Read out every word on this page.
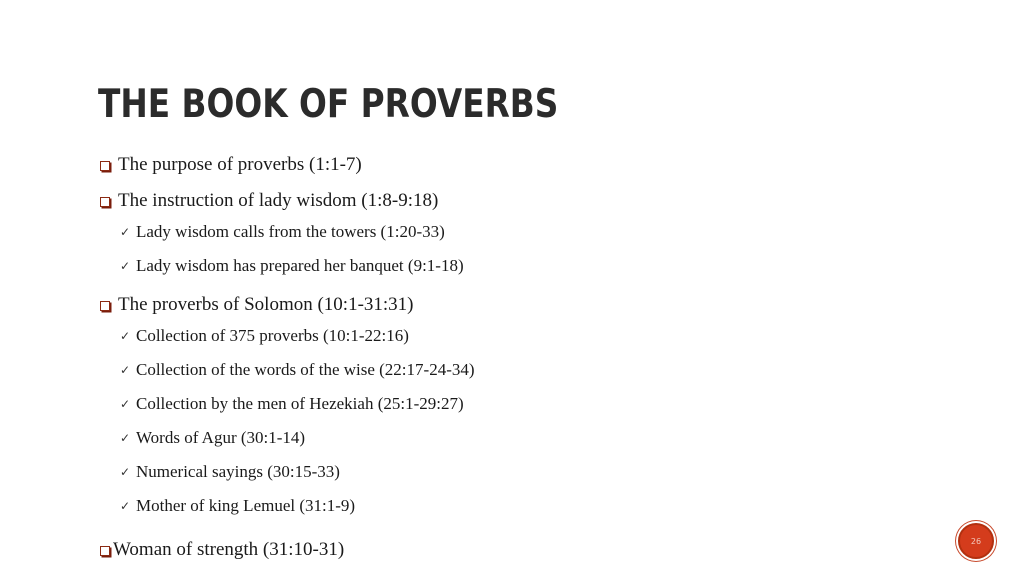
THE BOOK OF PROVERBS
The purpose of proverbs (1:1-7)
The instruction of lady wisdom (1:8-9:18)
✓ Lady wisdom calls from the towers (1:20-33)
✓ Lady wisdom has prepared her banquet (9:1-18)
The proverbs of Solomon (10:1-31:31)
✓ Collection of 375 proverbs (10:1-22:16)
✓ Collection of the words of the wise (22:17-24-34)
✓ Collection by the men of Hezekiah (25:1-29:27)
✓ Words of Agur (30:1-14)
✓ Numerical sayings (30:15-33)
✓ Mother of king Lemuel (31:1-9)
Woman of strength (31:10-31)	26
